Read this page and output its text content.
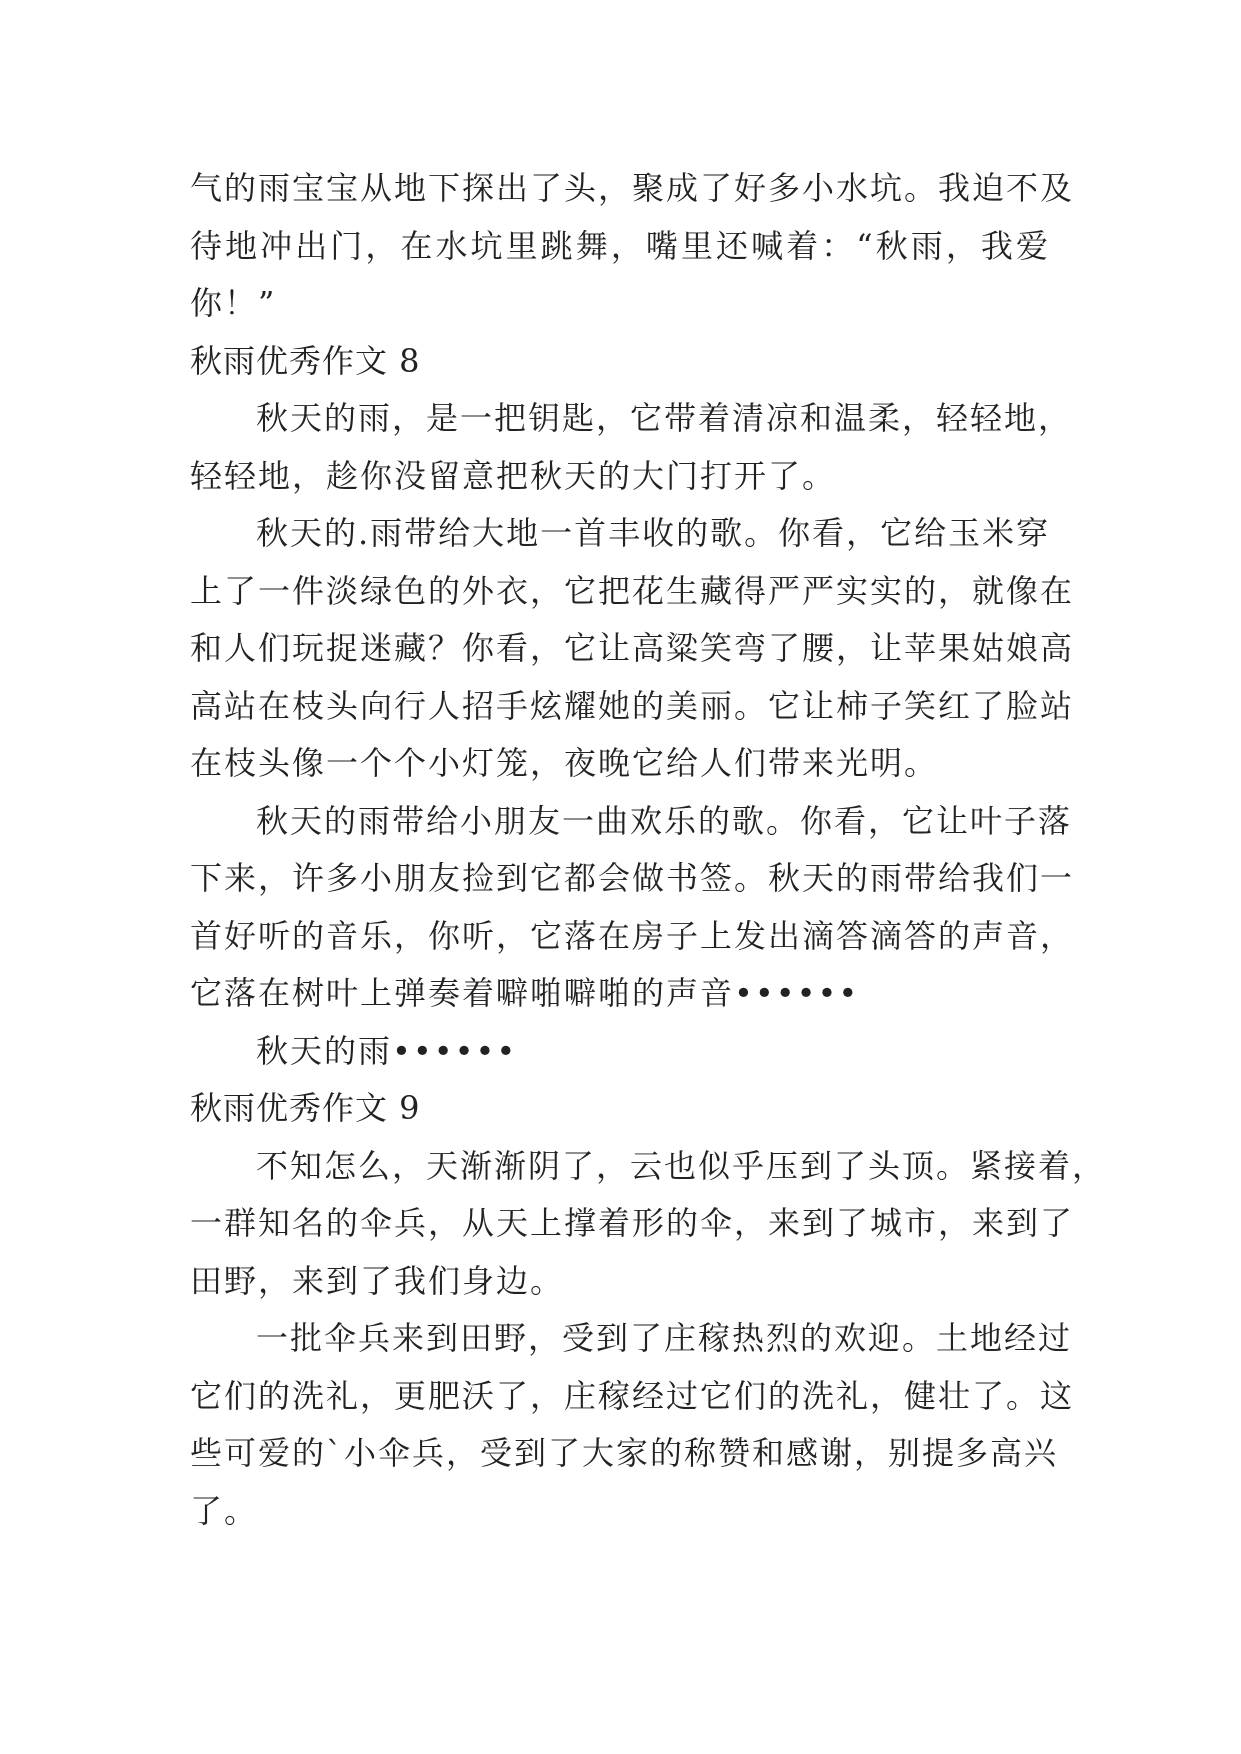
气的雨宝宝从地下探出了头，聚成了好多小水坑。我迫不及
待地冲出门，在水坑里跳舞，嘴里还喊着：“秋雨，我爱
你！”
秋雨优秀作文 8
秋天的雨，是一把钥匙，它带着清凉和温柔，轻轻地，
轻轻地，趁你没留意把秋天的大门打开了。
秋天的.雨带给大地一首丰收的歌。你看，它给玉米穿
上了一件淡绿色的外衣，它把花生藏得严严实实的，就像在
和人们玩捉迷藏？你看，它让高粱笑弯了腰，让苹果姑娘高
高站在枝头向行人招手炫耀她的美丽。它让柿子笑红了脸站
在枝头像一个个小灯笼，夜晚它给人们带来光明。
秋天的雨带给小朋友一曲欢乐的歌。你看，它让叶子落
下来，许多小朋友捡到它都会做书签。秋天的雨带给我们一
首好听的音乐，你听，它落在房子上发出滴答滴答的声音，
它落在树叶上弹奏着噼啪噼啪的声音••••••
秋天的雨••••••
秋雨优秀作文 9
不知怎么，天渐渐阴了，云也似乎压到了头顶。紧接着，
一群知名的伞兵，从天上撑着形的伞，来到了城市，来到了
田野，来到了我们身边。
一批伞兵来到田野，受到了庄稼热烈的欢迎。土地经过
它们的洗礼，更肥沃了，庄稼经过它们的洗礼，健壮了。这
些可爱的`小伞兵，受到了大家的称赞和感谢，别提多高兴
了。
